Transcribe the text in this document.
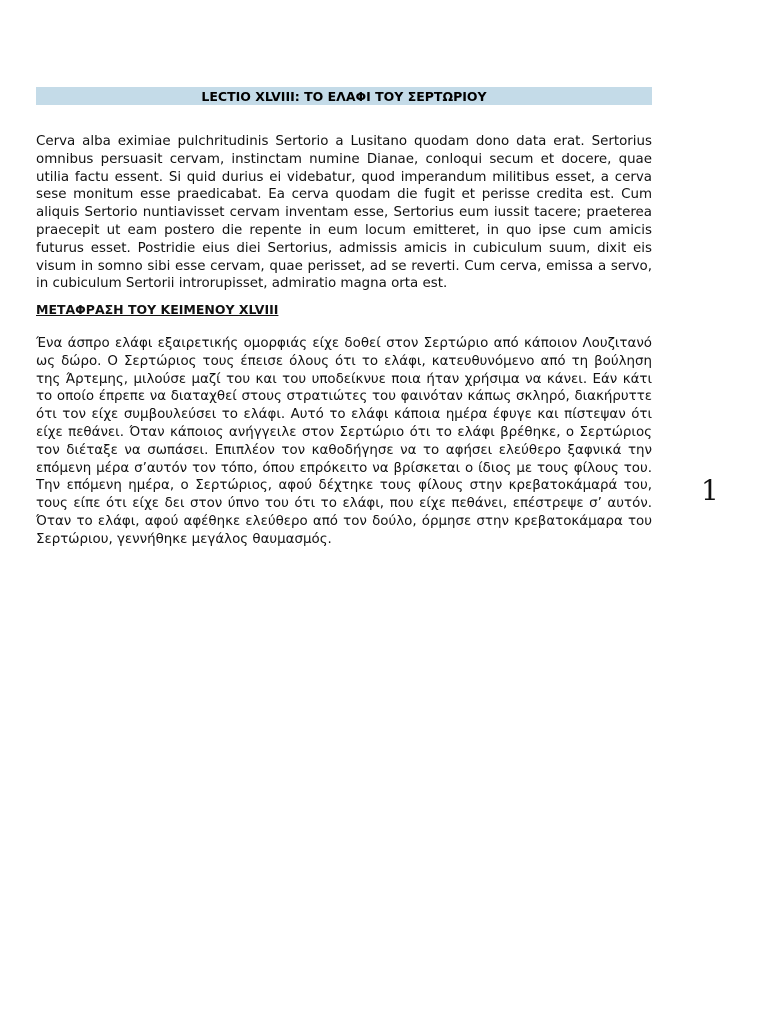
LECTIO XLVIII: ΤΟ ΕΛΑΦΙ ΤΟΥ ΣΕΡΤΩΡΙΟΥ

Cerva alba eximiae pulchritudinis Sertorio a Lusitano quodam dono data erat. Sertorius omnibus persuasit cervam, instinctam numine Dianae, conloqui secum et docere, quae utilia factu essent. Si quid durius ei videbatur, quod imperandum militibus esset, a cerva sese monitum esse praedicabat. Ea cerva quodam die fugit et perisse credita est. Cum aliquis Sertorio nuntiavisset cervam inventam esse, Sertorius eum iussit tacere; praeterea praecepit ut eam postero die repente in eum locum emitteret, in quo ipse cum amicis futurus esset. Postridie eius diei Sertorius, admissis amicis in cubiculum suum, dixit eis visum in somno sibi esse cervam, quae perisset, ad se reverti. Cum cerva, emissa a servo, in cubiculum Sertorii introrupisset, admiratio magna orta est.

ΜΕΤΑΦΡΑΣΗ ΤΟΥ ΚΕΙΜΕΝΟΥ XLVIII

Ένα άσπρο ελάφι εξαιρετικής ομορφιάς είχε δοθεί στον Σερτώριο από κάποιον Λουζιτανό ως δώρο. Ο Σερτώριος τους έπεισε όλους ότι το ελάφι, κατευθυνόμενο από τη βούληση της Άρτεμης, μιλούσε μαζί του και του υποδείκνυε ποια ήταν χρήσιμα να κάνει. Εάν κάτι το οποίο έπρεπε να διαταχθεί στους στρατιώτες του φαινόταν κάπως σκληρό, διακήρυττε ότι τον είχε συμβουλεύσει το ελάφι. Αυτό το ελάφι κάποια ημέρα έφυγε και πίστεψαν ότι είχε πεθάνει. Όταν κάποιος ανήγγειλε στον Σερτώριο ότι το ελάφι βρέθηκε, ο Σερτώριος τον διέταξε να σωπάσει. Επιπλέον τον καθοδήγησε να το αφήσει ελεύθερο ξαφνικά την επόμενη μέρα σ’αυτόν τον τόπο, όπου επρόκειτο να βρίσκεται ο ίδιος με τους φίλους του. Την επόμενη ημέρα, ο Σερτώριος, αφού δέχτηκε τους φίλους στην κρεβατοκάμαρά του, τους είπε ότι είχε δει στον ύπνο του ότι το ελάφι, που είχε πεθάνει, επέστρεψε σ’ αυτόν. Όταν το ελάφι, αφού αφέθηκε ελεύθερο από τον δούλο, όρμησε στην κρεβατοκάμαρα του Σερτώριου, γεννήθηκε μεγάλος θαυμασμός.

1
